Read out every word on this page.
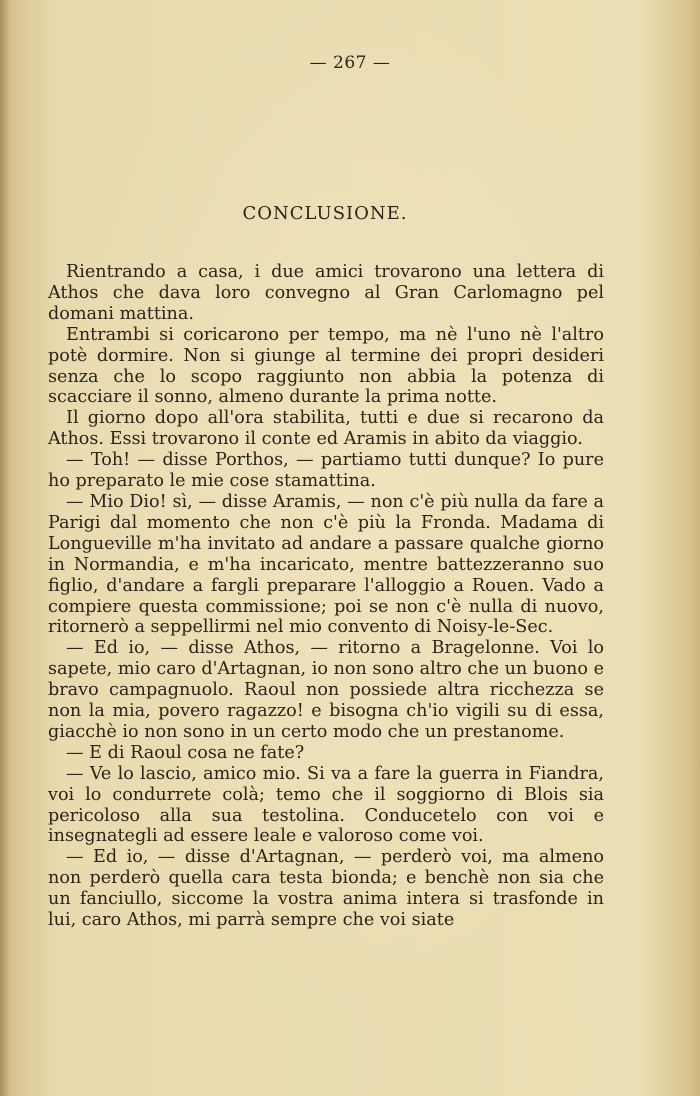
— 267 —
CONCLUSIONE.

Rientrando a casa, i due amici trovarono una lettera di Athos che dava loro convegno al Gran Carlomagno pel domani mattina.

Entrambi si coricarono per tempo, ma nè l'uno nè l'altro potè dormire. Non si giunge al termine dei propri desideri senza che lo scopo raggiunto non abbia la potenza di scacciare il sonno, almeno durante la prima notte.

Il giorno dopo all'ora stabilita, tutti e due si recarono da Athos. Essi trovarono il conte ed Aramis in abito da viaggio.

— Toh! — disse Porthos, — partiamo tutti dunque? Io pure ho preparato le mie cose stamattina.

— Mio Dio! sì, — disse Aramis, — non c'è più nulla da fare a Parigi dal momento che non c'è più la Fronda. Madama di Longueville m'ha invitato ad andare a passare qualche giorno in Normandia, e m'ha incaricato, mentre battezzeranno suo figlio, d'andare a fargli preparare l'alloggio a Rouen. Vado a compiere questa commissione; poi se non c'è nulla di nuovo, ritornerò a seppellirmi nel mio convento di Noisy-le-Sec.

— Ed io, — disse Athos, — ritorno a Bragelonne. Voi lo sapete, mio caro d'Artagnan, io non sono altro che un buono e bravo campagnuolo. Raoul non possiede altra ricchezza se non la mia, povero ragazzo! e bisogna ch'io vigili su di essa, giacchè io non sono in un certo modo che un prestanome.

— E di Raoul cosa ne fate?

— Ve lo lascio, amico mio. Si va a fare la guerra in Fiandra, voi lo condurrete colà; temo che il soggiorno di Blois sia pericoloso alla sua testolina. Conducetelo con voi e insegnategli ad essere leale e valoroso come voi.

— Ed io, — disse d'Artagnan, — perderò voi, ma almeno non perderò quella cara testa bionda; e benchè non sia che un fanciullo, siccome la vostra anima intera si trasfonde in lui, caro Athos, mi parrà sempre che voi siate
